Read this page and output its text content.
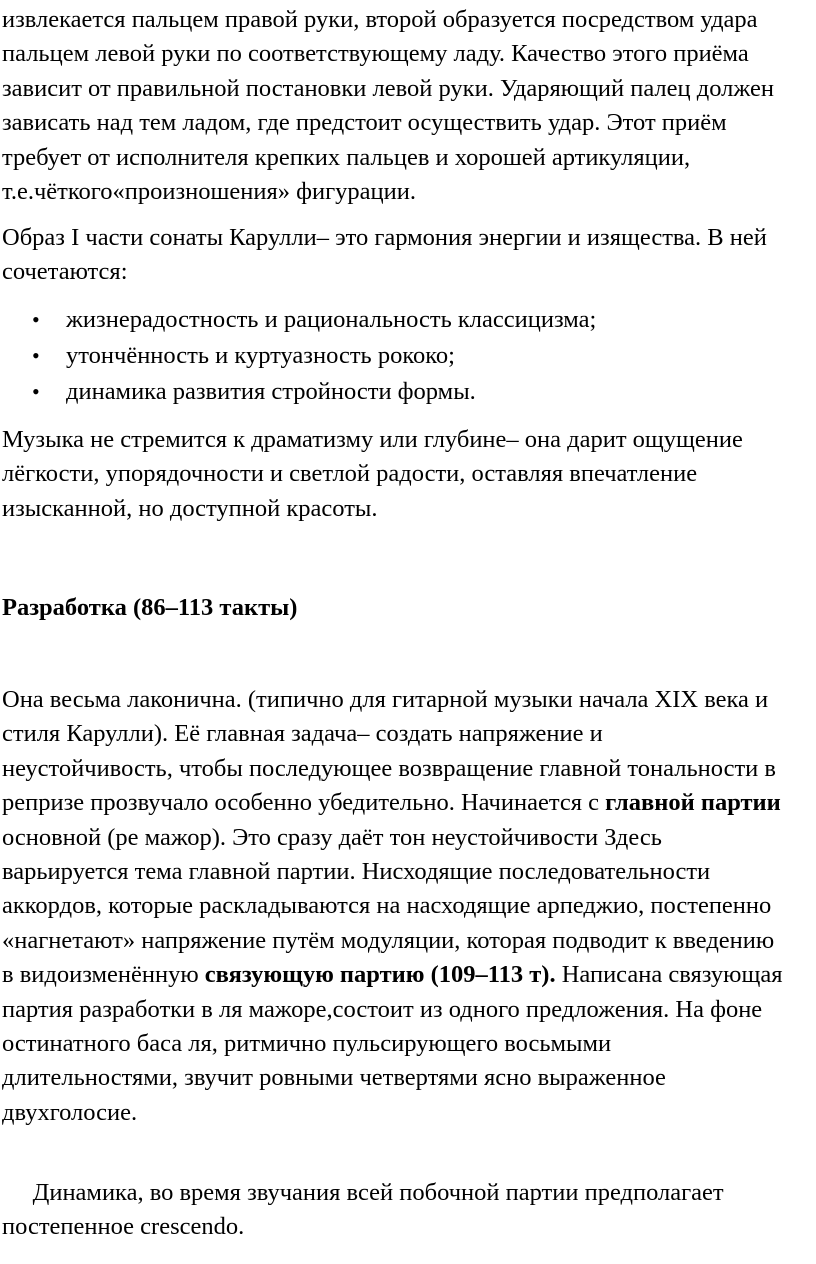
извлекается пальцем правой руки, второй образуется посредством удара
пальцем левой руки по соответствующему ладу. Качество этого приёма
зависит от правильной постановки левой руки. Ударяющий палец должен
зависать над тем ладом, где предстоит осуществить удар. Этот приём
требует от исполнителя крепких пальцев и хорошей артикуляции,
т.е.чёткого«произношения» фигурации.
Образ I части сонаты Карулли– это гармония энергии и изящества. В ней
сочетаются:
• жизнерадостность и рациональность классицизма;
• утончённость и куртуазность рококо;
• динамика развития стройности формы.
Музыка не стремится к драматизму или глубине– она дарит ощущение
лёгкости, упорядочности и светлой радости, оставляя впечатление
изысканной, но доступной красоты.
Разработка (86–113 такты)
Она весьма лаконична. (типично для гитарной музыки начала XIX века и
стиля Карулли). Её главная задача– создать напряжение и
неустойчивость, чтобы последующее возвращение главной тональности в
репризе прозвучало особенно убедительно. Начинается с главной партии
основной (ре мажор). Это сразу даёт тон неустойчивости Здесь
варьируется тема главной партии. Нисходящие последовательности
аккордов, которые раскладываются на насходящие арпеджио, постепенно
«нагнетают» напряжение путём модуляции, которая подводит к введению
в видоизменённую связующую партию (109–113 т). Написана связующая
партия разработки в ля мажоре,состоит из одного предложения. На фоне
остинатного баса ля, ритмично пульсирующего восьмыми
длительностями, звучит ровными четвертями ясно выраженное
двухголосие.
Динамика, во время звучания всей побочной партии предполагает
постепенное crescendo.
